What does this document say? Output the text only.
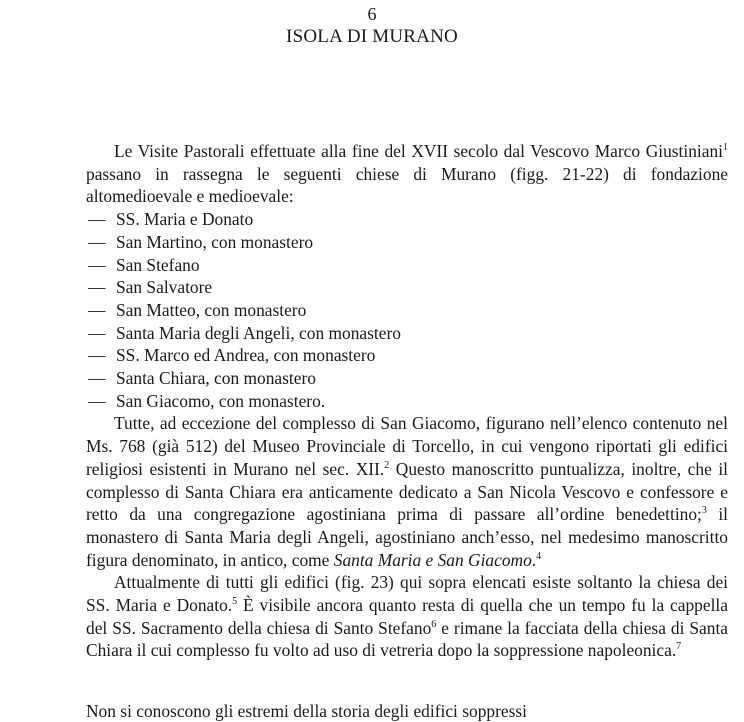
6
ISOLA DI MURANO

Le Visite Pastorali effettuate alla fine del XVII secolo dal Vescovo Marco Giustiniani$^1$ passano in rassegna le seguenti chiese di Murano (figg. 21-22) di fondazione altomedioevale e medioevale:

— SS. Maria e Donato
— San Martino, con monastero
— San Stefano
— San Salvatore
— San Matteo, con monastero
— Santa Maria degli Angeli, con monastero
— SS. Marco ed Andrea, con monastero
— Santa Chiara, con monastero
— San Giacomo, con monastero.

Tutte, ad eccezione del complesso di San Giacomo, figurano nell’elenco contenuto nel Ms. 768 (già 512) del Museo Provinciale di Torcello, in cui vengono riportati gli edifici religiosi esistenti in Murano nel sec. XII.$^2$ Questo manoscritto puntualizza, inoltre, che il complesso di Santa Chiara era anticamente dedicato a San Nicola Vescovo e confessore e retto da una congregazione agostiniana prima di passare all’ordine benedettino;$^3$ il monastero di Santa Maria degli Angeli, agostiniano anch’esso, nel medesimo manoscritto figura denominato, in antico, come Santa Maria e San Giacomo.$^4$

Attualmente di tutti gli edifici (fig. 23) qui sopra elencati esiste soltanto la chiesa dei SS. Maria e Donato.$^5$ È visibile ancora quanto resta di quella che un tempo fu la cappella del SS. Sacramento della chiesa di Santo Stefano$^6$ e rimane la facciata della chiesa di Santa Chiara il cui complesso fu volto ad uso di vetreria dopo la soppressione napoleonica.$^7$

Non si conoscono gli estremi della storia degli edifici soppressi
